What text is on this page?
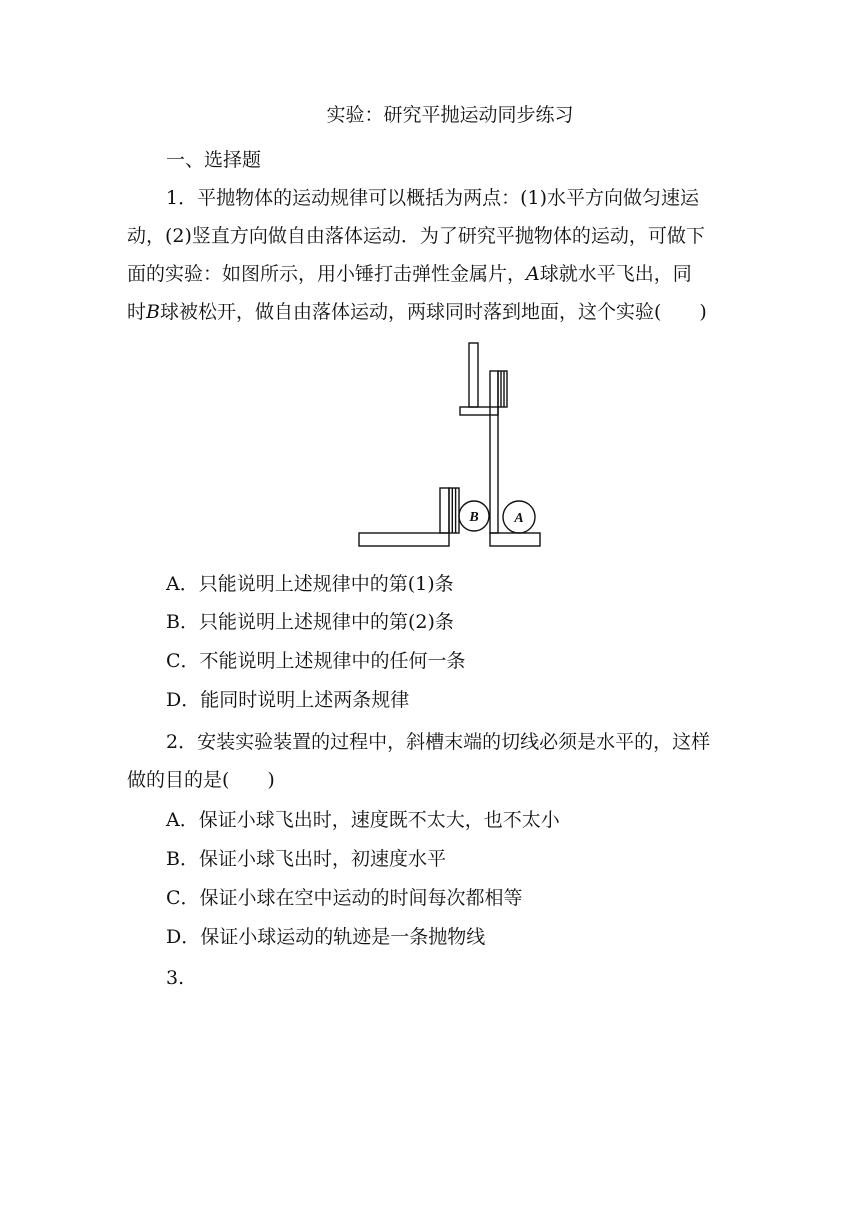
实验：研究平抛运动同步练习
一、选择题
1．平抛物体的运动规律可以概括为两点：(1)水平方向做匀速运
动，(2)竖直方向做自由落体运动．为了研究平抛物体的运动，可做下
面的实验：如图所示，用小锤打击弹性金属片，A球就水平飞出，同
时B球被松开，做自由落体运动，两球同时落到地面，这个实验(　　)
B	A
A．只能说明上述规律中的第(1)条
B．只能说明上述规律中的第(2)条
C．不能说明上述规律中的任何一条
D．能同时说明上述两条规律
2．安装实验装置的过程中，斜槽末端的切线必须是水平的，这样
做的目的是(　　)
A．保证小球飞出时，速度既不太大，也不太小
B．保证小球飞出时，初速度水平
C．保证小球在空中运动的时间每次都相等
D．保证小球运动的轨迹是一条抛物线
3.
